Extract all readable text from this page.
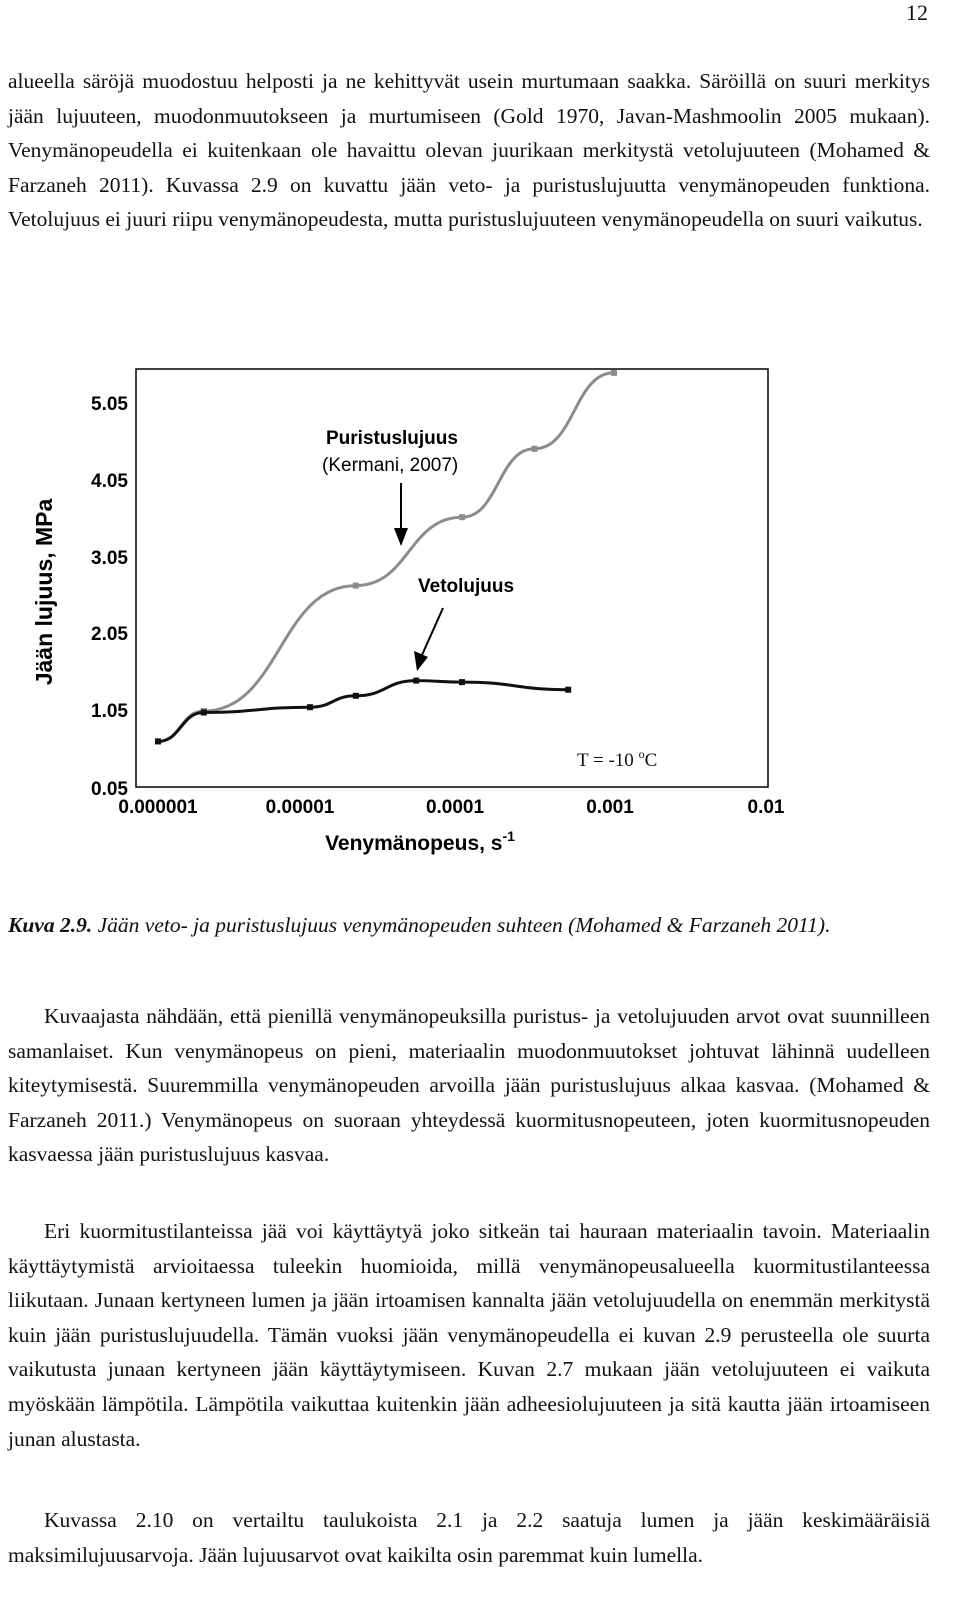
12

alueella säröjä muodostuu helposti ja ne kehittyvät usein murtumaan saakka. Säröillä on suuri merkitys jään lujuuteen, muodonmuutokseen ja murtumiseen (Gold 1970, Javan-Mashmoolin 2005 mukaan). Venymänopeudella ei kuitenkaan ole havaittu olevan juurikaan merkitystä vetolujuuteen (Mohamed & Farzaneh 2011). Kuvassa 2.9 on kuvattu jään veto- ja puristuslujuutta venymänopeuden funktiona. Vetolujuus ei juuri riipu venymänopeudesta, mutta puristuslujuuteen venymänopeudella on suuri vaikutus.

0.05
1.05
2.05
3.05
4.05
5.05
0.000001	0.00001	0.0001	0.001	0.01
Venymänopeus, $s^{-1}$
Jään lujuus, MPa
Puristuslujuus
(Kermani, 2007)
Vetolujuus
T = -10 $^o$C

Kuva 2.9. Jään veto- ja puristuslujuus venymänopeuden suhteen (Mohamed & Farzaneh 2011).

Kuvaajasta nähdään, että pienillä venymänopeuksilla puristus- ja vetolujuuden arvot ovat suunnilleen samanlaiset. Kun venymänopeus on pieni, materiaalin muodonmuutokset johtuvat lähinnä uudelleen kiteytymisestä. Suuremmilla venymänopeuden arvoilla jään puristuslujuus alkaa kasvaa. (Mohamed & Farzaneh 2011.) Venymänopeus on suoraan yhteydessä kuormitusnopeuteen, joten kuormitusnopeuden kasvaessa jään puristuslujuus kasvaa.

Eri kuormitustilanteissa jää voi käyttäytyä joko sitkeän tai hauraan materiaalin tavoin. Materiaalin käyttäytymistä arvioitaessa tuleekin huomioida, millä venymänopeusalueella kuormitustilanteessa liikutaan. Junaan kertyneen lumen ja jään irtoamisen kannalta jään vetolujuudella on enemmän merkitystä kuin jään puristuslujuudella. Tämän vuoksi jään venymänopeudella ei kuvan 2.9 perusteella ole suurta vaikutusta junaan kertyneen jään käyttäytymiseen. Kuvan 2.7 mukaan jään vetolujuuteen ei vaikuta myöskään lämpötila. Lämpötila vaikuttaa kuitenkin jään adheesiolujuuteen ja sitä kautta jään irtoamiseen junan alustasta.

Kuvassa 2.10 on vertailtu taulukoista 2.1 ja 2.2 saatuja lumen ja jään keskimääräisiä maksimilujuusarvoja. Jään lujuusarvot ovat kaikilta osin paremmat kuin lumella.
